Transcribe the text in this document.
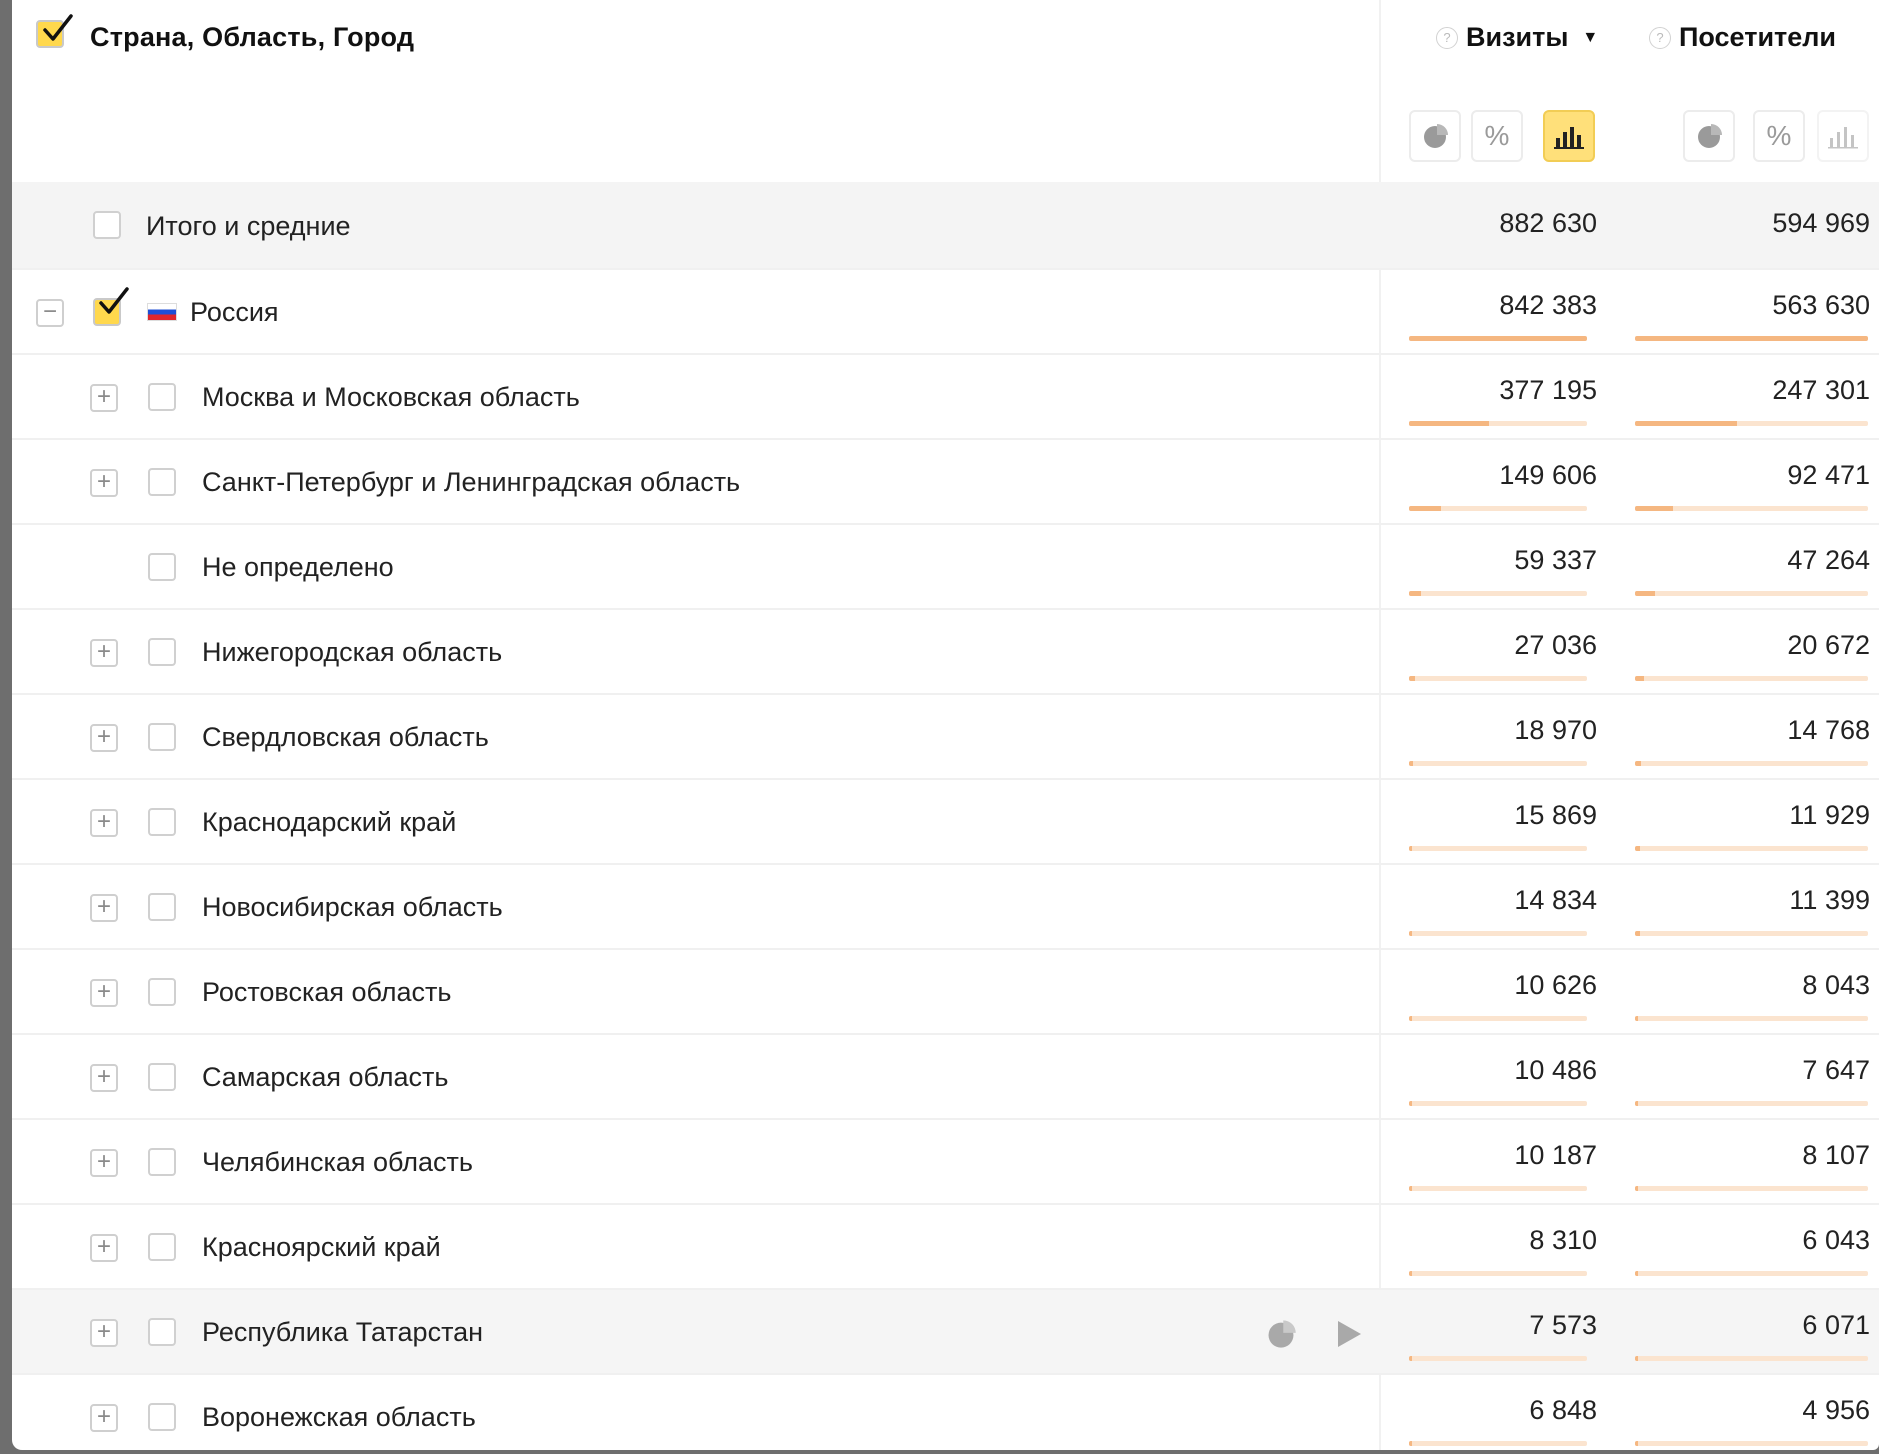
Страна, Область, Город	? Визиты ▼	? Посетители
%	%
Итого и средние	882 630	594 969
−	Россия	842 383	563 630
+	Москва и Московская область	377 195	247 301
+	Санкт-Петербург и Ленинградская область	149 606	92 471
Не определено	59 337	47 264
+	Нижегородская область	27 036	20 672
+	Свердловская область	18 970	14 768
+	Краснодарский край	15 869	11 929
+	Новосибирская область	14 834	11 399
+	Ростовская область	10 626	8 043
+	Самарская область	10 486	7 647
+	Челябинская область	10 187	8 107
+	Красноярский край	8 310	6 043
+	Республика Татарстан	7 573	6 071
+	Воронежская область	6 848	4 956
